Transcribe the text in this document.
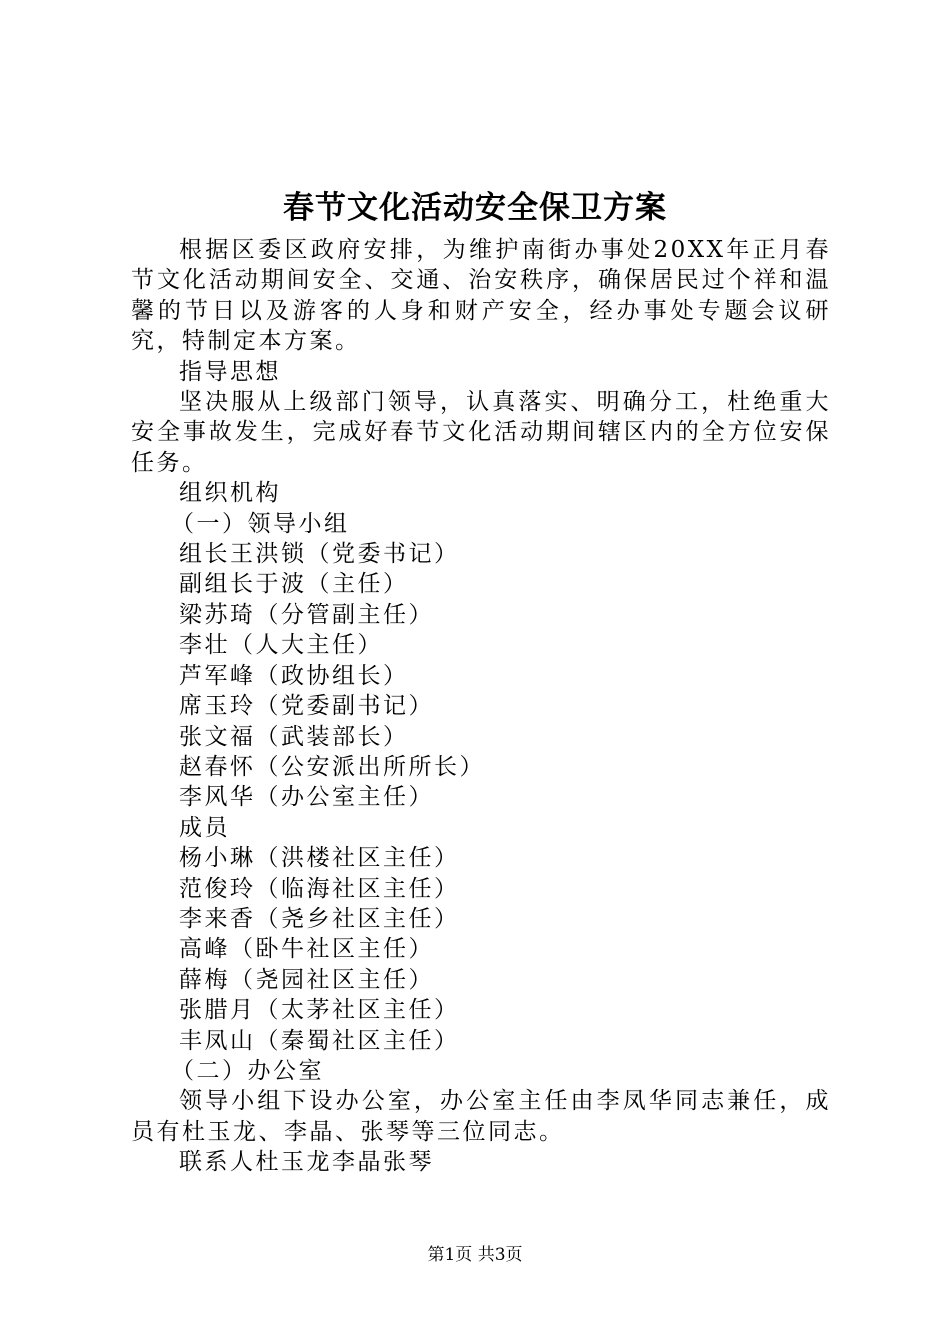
春节文化活动安全保卫方案

根据区委区政府安排，为维护南街办事处20XX年正月春节文化活动期间安全、交通、治安秩序，确保居民过个祥和温馨的节日以及游客的人身和财产安全，经办事处专题会议研究，特制定本方案。

指导思想

坚决服从上级部门领导，认真落实、明确分工，杜绝重大安全事故发生，完成好春节文化活动期间辖区内的全方位安保任务。

组织机构
（一）领导小组
组长王洪锁（党委书记）
副组长于波（主任）
梁苏琦（分管副主任）
李壮（人大主任）
芦军峰（政协组长）
席玉玲（党委副书记）
张文福（武装部长）
赵春怀（公安派出所所长）
李风华（办公室主任）
成员
杨小琳（洪楼社区主任）
范俊玲（临海社区主任）
李来香（尧乡社区主任）
高峰（卧牛社区主任）
薛梅（尧园社区主任）
张腊月（太茅社区主任）
丰凤山（秦蜀社区主任）
（二）办公室

领导小组下设办公室，办公室主任由李凤华同志兼任，成员有杜玉龙、李晶、张琴等三位同志。

联系人杜玉龙李晶张琴
第1页 共3页
